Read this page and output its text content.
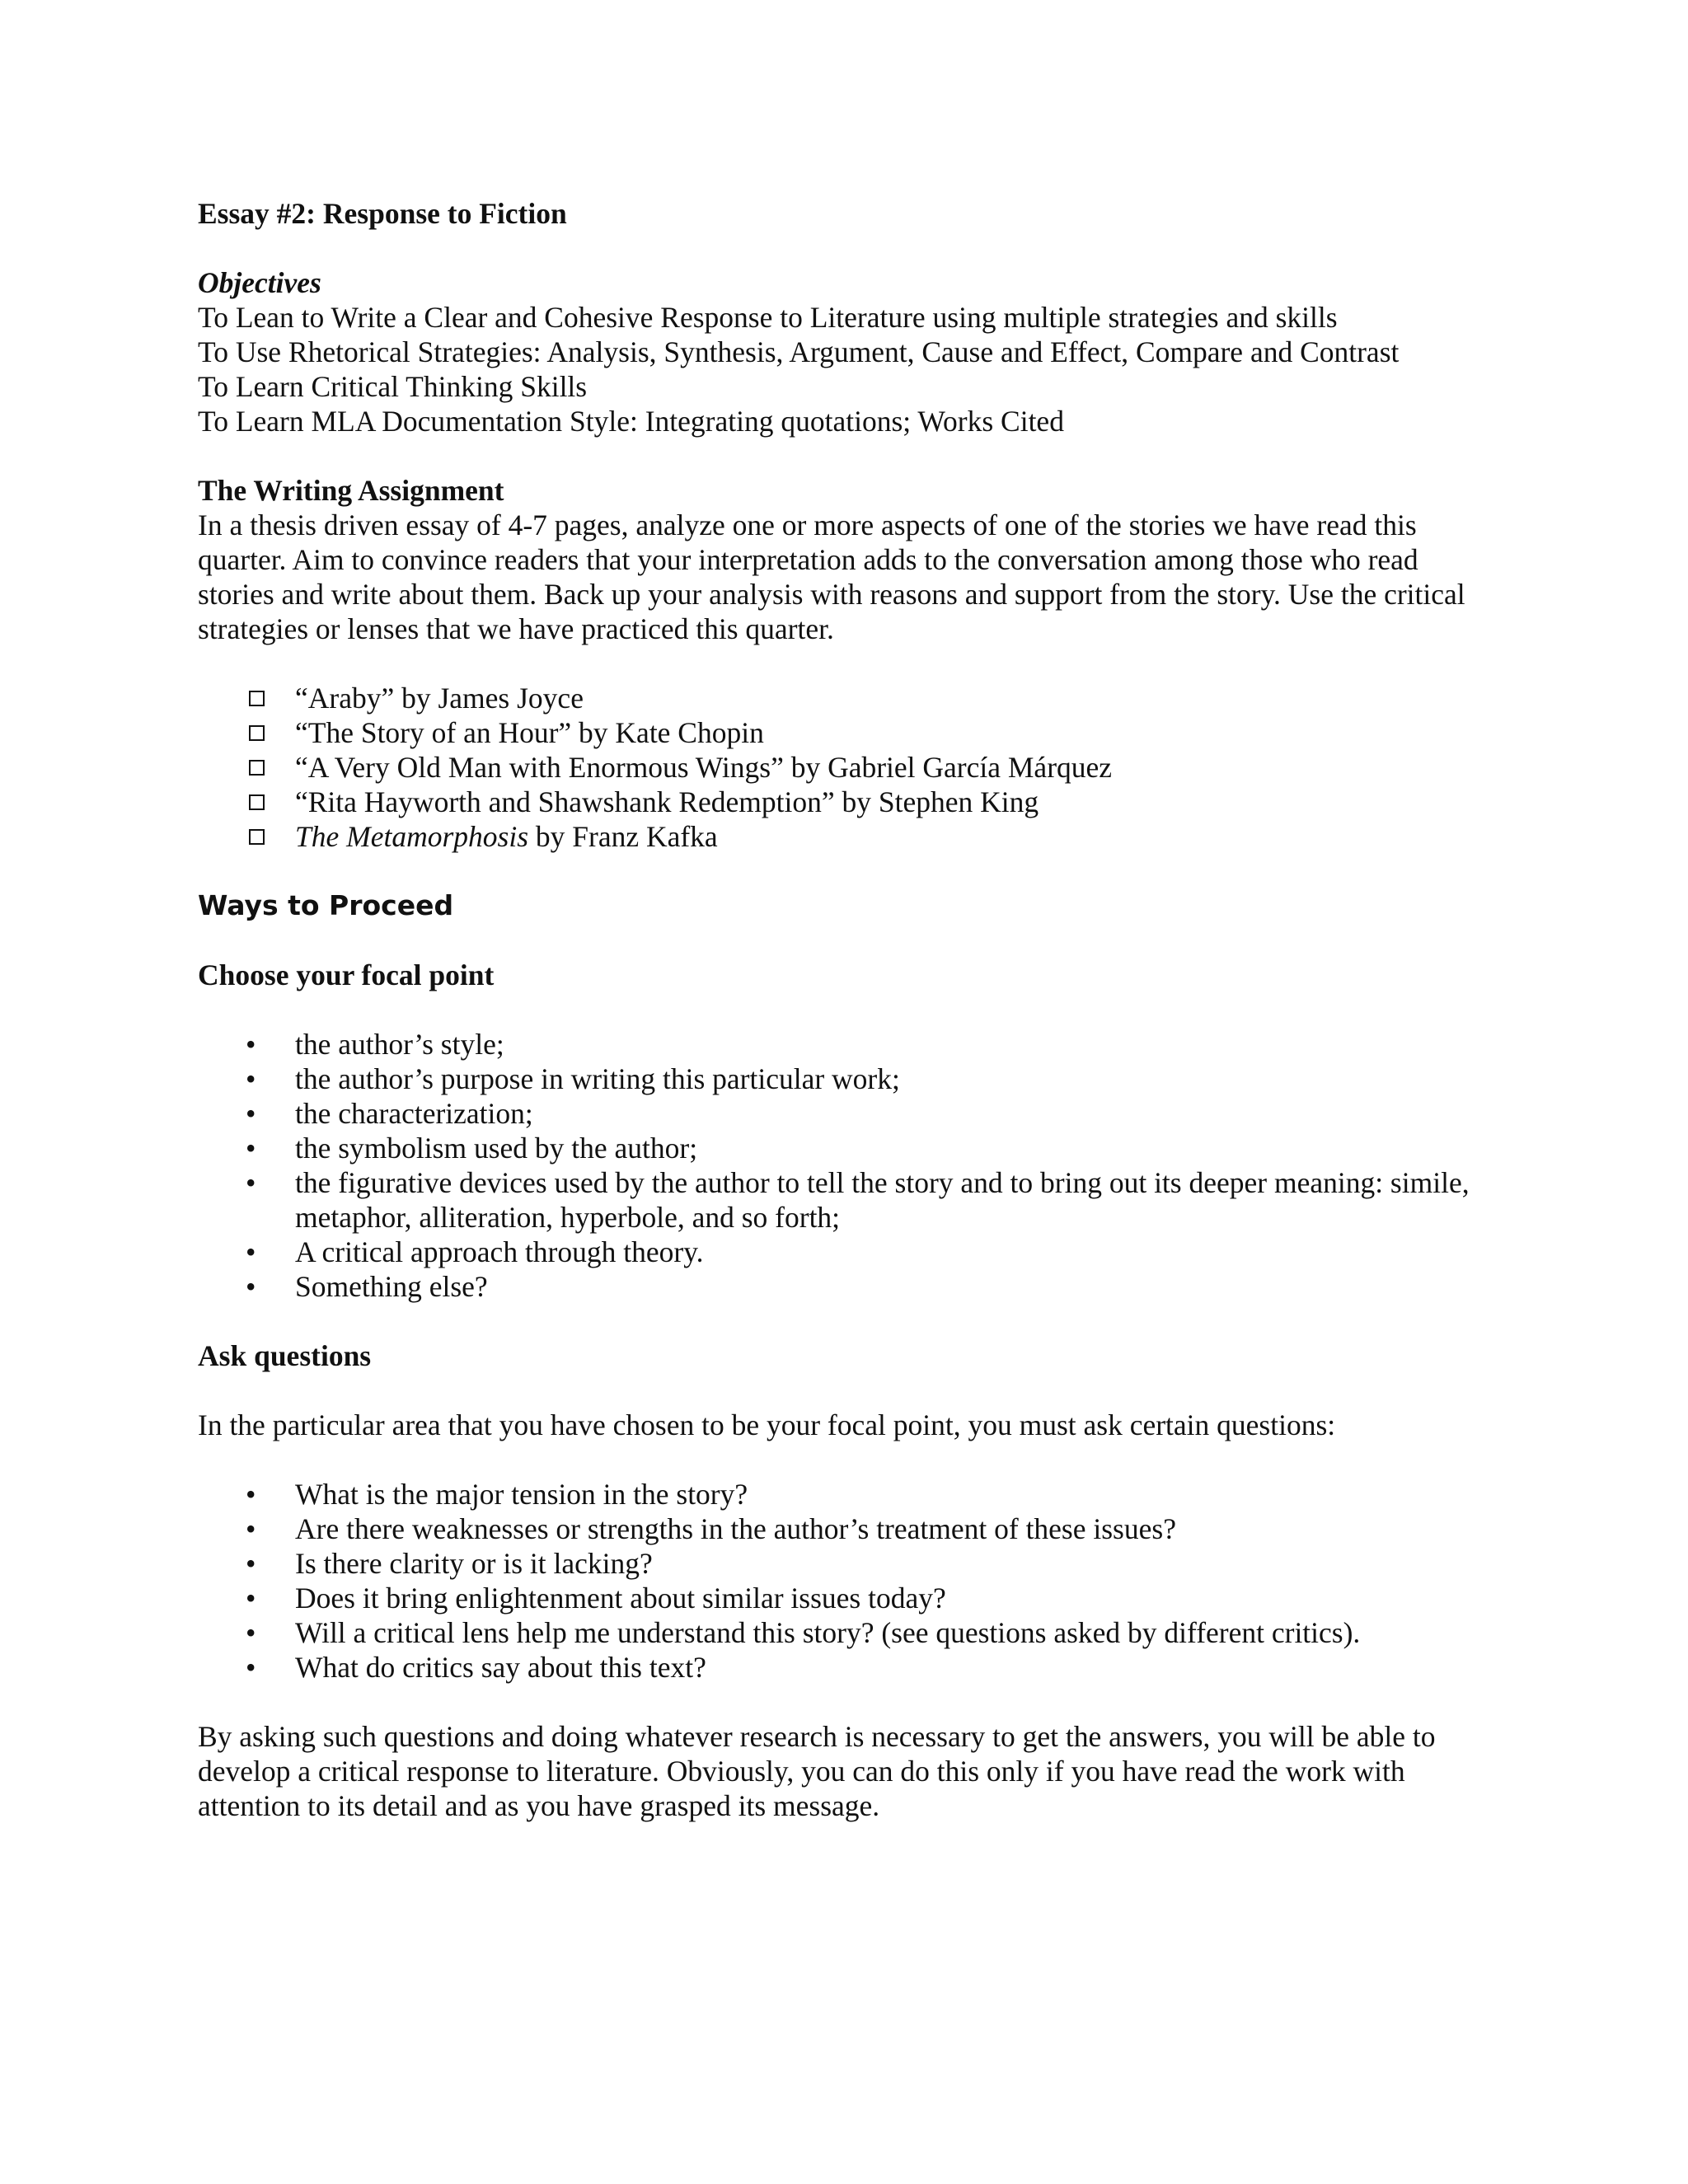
Essay #2: Response to Fiction

Objectives

To Lean to Write a Clear and Cohesive Response to Literature using multiple strategies and skills

To Use Rhetorical Strategies: Analysis, Synthesis, Argument, Cause and Effect, Compare and Contrast

To Learn Critical Thinking Skills

To Learn MLA Documentation Style: Integrating quotations; Works Cited

The Writing Assignment

In a thesis driven essay of 4-7 pages, analyze one or more aspects of one of the stories we have read this quarter. Aim to convince readers that your interpretation adds to the conversation among those who read stories and write about them. Back up your analysis with reasons and support from the story. Use the critical strategies or lenses that we have practiced this quarter.

“Araby” by James Joyce
“The Story of an Hour” by Kate Chopin
“A Very Old Man with Enormous Wings” by Gabriel García Márquez
“Rita Hayworth and Shawshank Redemption” by Stephen King
The Metamorphosis by Franz Kafka

Ways to Proceed

Choose your focal point

• the author’s style;
• the author’s purpose in writing this particular work;
• the characterization;
• the symbolism used by the author;
• the figurative devices used by the author to tell the story and to bring out its deeper meaning: simile, metaphor, alliteration, hyperbole, and so forth;
• A critical approach through theory.
• Something else?

Ask questions

In the particular area that you have chosen to be your focal point, you must ask certain questions:

• What is the major tension in the story?
• Are there weaknesses or strengths in the author’s treatment of these issues?
• Is there clarity or is it lacking?
• Does it bring enlightenment about similar issues today?
• Will a critical lens help me understand this story? (see questions asked by different critics).
• What do critics say about this text?

By asking such questions and doing whatever research is necessary to get the answers, you will be able to develop a critical response to literature. Obviously, you can do this only if you have read the work with attention to its detail and as you have grasped its message.
